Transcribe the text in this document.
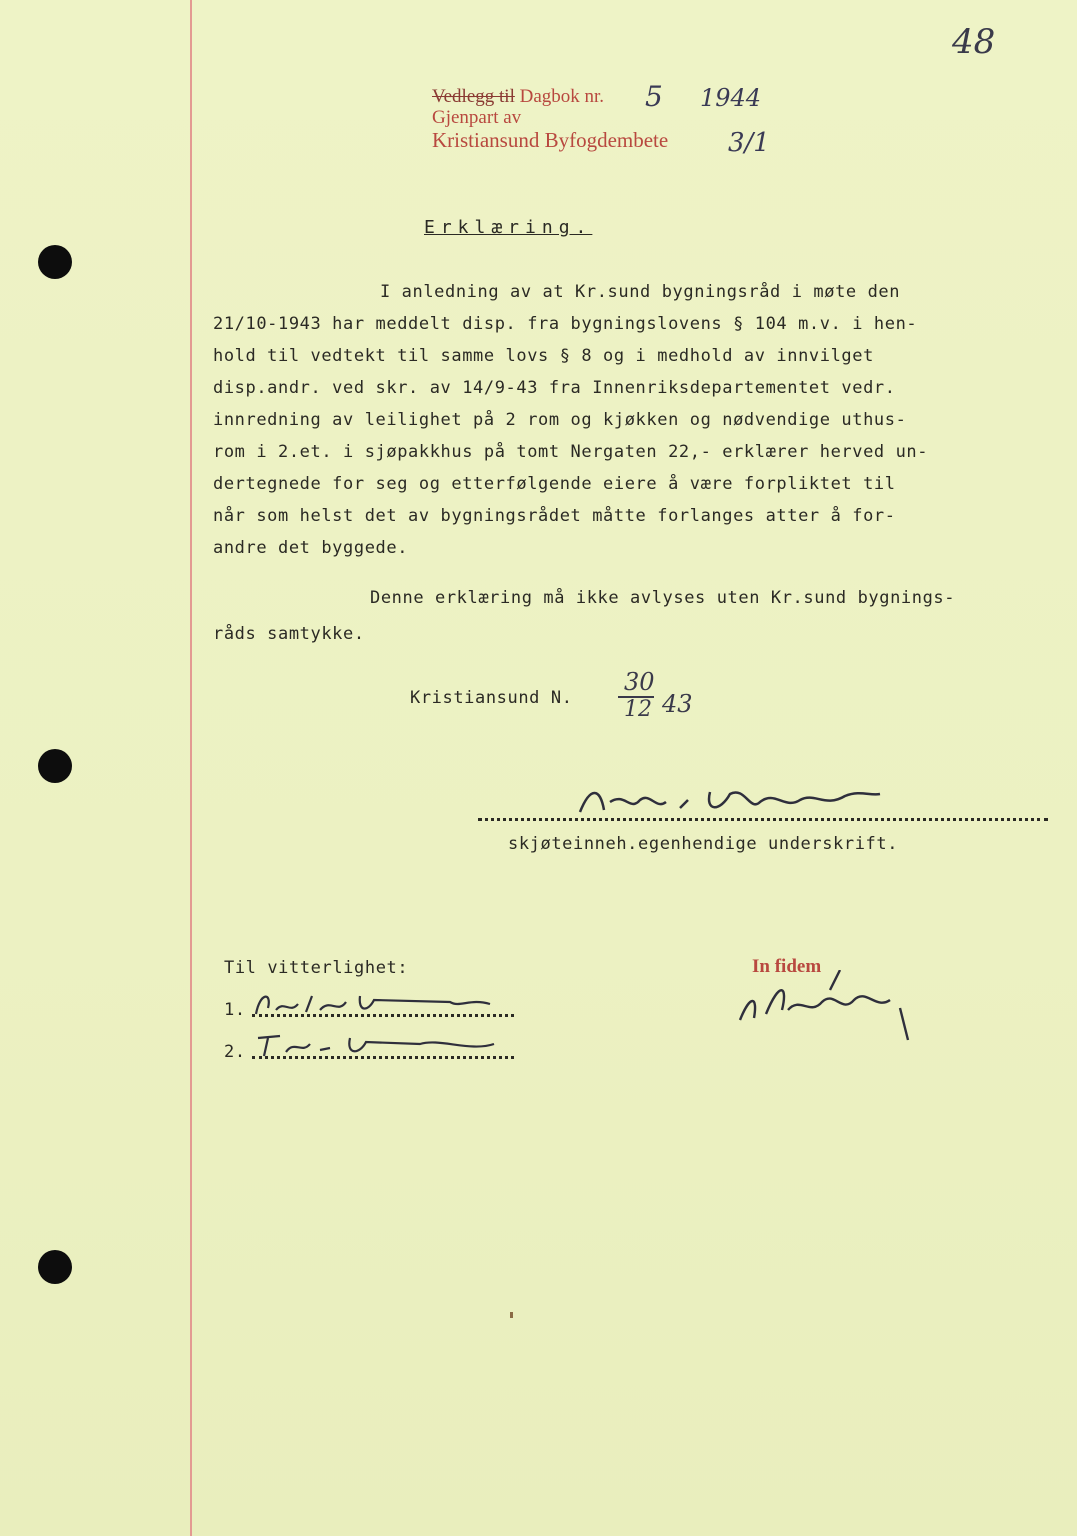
48
Vedlegg til Dagbok nr. 5 1944
Gjenpart av
Kristiansund Byfogdembete 3/1
Erklæring.
I anledning av at Kr.sund bygningsråd i møte den
21/10-1943 har meddelt disp. fra bygningslovens § 104 m.v. i hen-
hold til vedtekt til samme lovs § 8 og i medhold av innvilget
disp.andr. ved skr. av 14/9-43 fra Innenriksdepartementet vedr.
innredning av leilighet på 2 rom og kjøkken og nødvendige uthus-
rom i 2.et. i sjøpakkhus på tomt Nergaten 22,- erklærer herved un-
dertegnede for seg og etterfølgende eiere å være forpliktet til
når som helst det av bygningsrådet måtte forlanges atter å for-
andre det byggede.
Denne erklæring må ikke avlyses uten Kr.sund bygnings-
råds samtykke.
Kristiansund N.
30
12 43
skjøteinneh.egenhendige underskrift.
Til vitterlighet:
1.
2.
In fidem
